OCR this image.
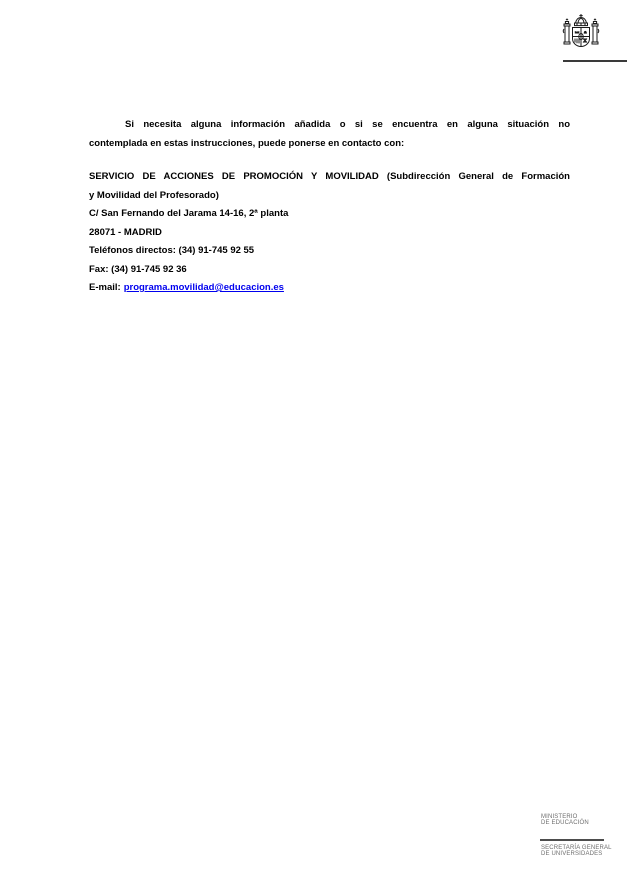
Si necesita alguna información añadida o si se encuentra en alguna situación no
contemplada en estas instrucciones, puede ponerse en contacto con:
SERVICIO DE ACCIONES DE PROMOCIÓN Y MOVILIDAD (Subdirección General de Formación
y Movilidad del Profesorado)
C/ San Fernando del Jarama 14-16, 2ª planta
28071 - MADRID
Teléfonos directos: (34) 91-745 92 55
Fax: (34) 91-745 92 36
E-mail: programa.movilidad@educacion.es
MINISTERIO
DE EDUCACIÓN
SECRETARÍA GENERAL
DE UNIVERSIDADES
